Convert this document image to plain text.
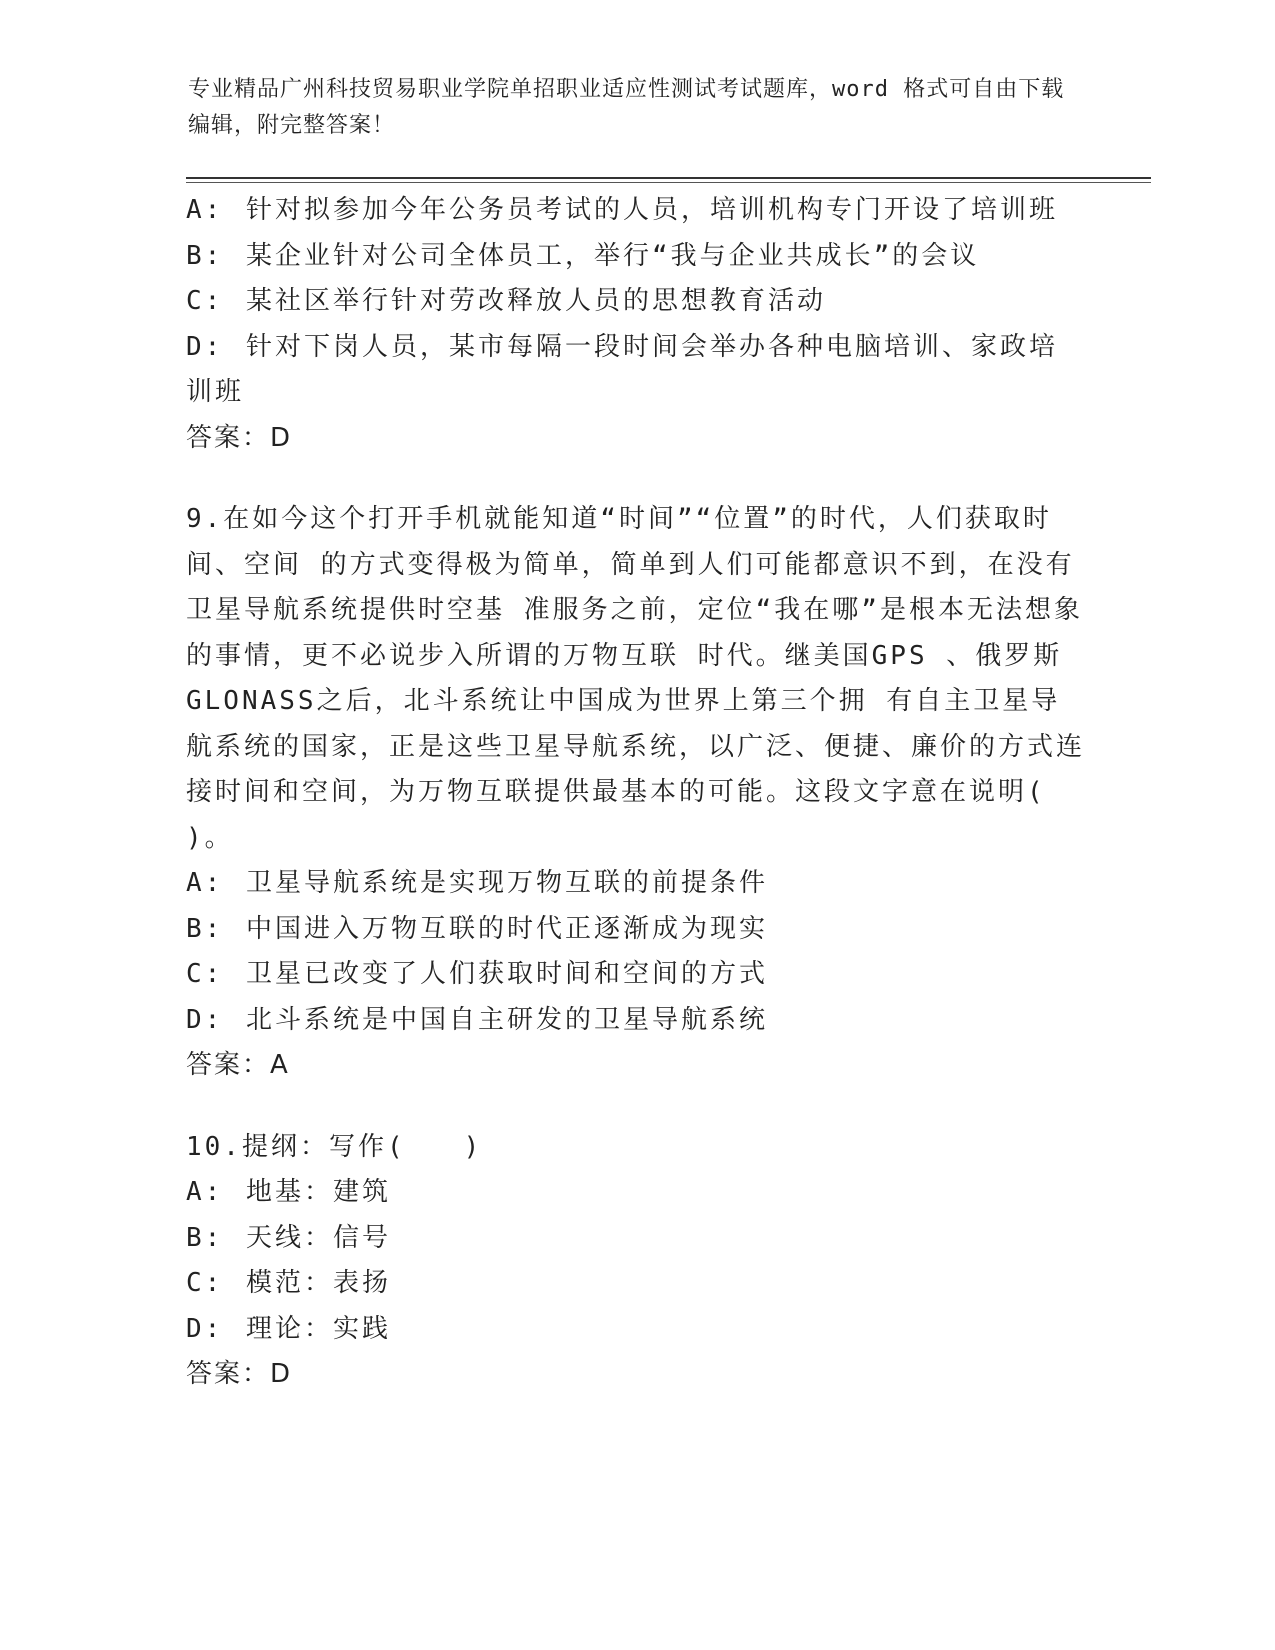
专业精品广州科技贸易职业学院单招职业适应性测试考试题库，word 格式可自由下载编辑，附完整答案！
A: 针对拟参加今年公务员考试的人员，培训机构专门开设了培训班
B: 某企业针对公司全体员工，举行“我与企业共成长”的会议
C: 某社区举行针对劳改释放人员的思想教育活动
D: 针对下岗人员，某市每隔一段时间会举办各种电脑培训、家政培训班
答案：D
9.在如今这个打开手机就能知道“时间”“位置”的时代，人们获取时间、空间 的方式变得极为简单，简单到人们可能都意识不到，在没有卫星导航系统提供时空基 准服务之前，定位“我在哪”是根本无法想象的事情，更不必说步入所谓的万物互联 时代。继美国GPS 、俄罗斯 GLONASS之后，北斗系统让中国成为世界上第三个拥 有自主卫星导航系统的国家，正是这些卫星导航系统，以广泛、便捷、廉价的方式连接时间和空间，为万物互联提供最基本的可能。这段文字意在说明( )。
A: 卫星导航系统是实现万物互联的前提条件
B: 中国进入万物互联的时代正逐渐成为现实
C: 卫星已改变了人们获取时间和空间的方式
D: 北斗系统是中国自主研发的卫星导航系统
答案：A
10.提纲：写作(　　)
A: 地基：建筑
B: 天线：信号
C: 模范：表扬
D: 理论：实践
答案：D
